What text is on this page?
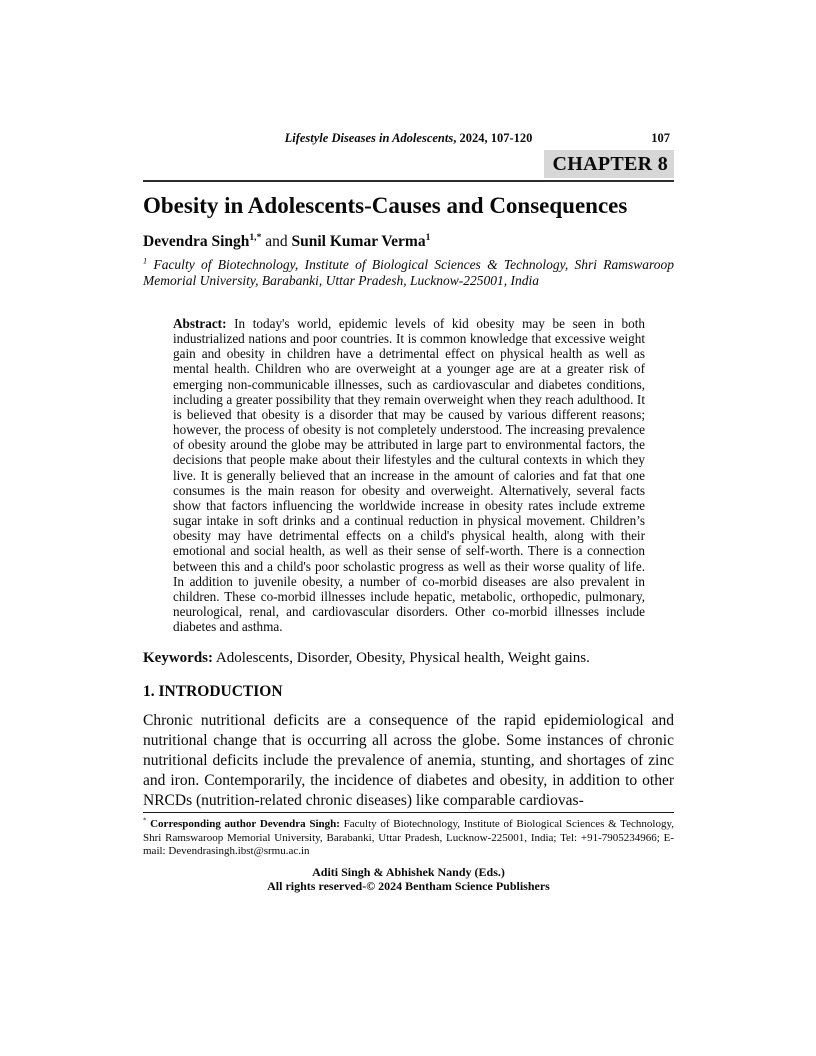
Lifestyle Diseases in Adolescents, 2024, 107-120	107
CHAPTER 8
Obesity in Adolescents-Causes and Consequences
Devendra Singh$^{1,*}$ and Sunil Kumar Verma$^1$
$^1$ Faculty of Biotechnology, Institute of Biological Sciences & Technology, Shri Ramswaroop Memorial University, Barabanki, Uttar Pradesh, Lucknow-225001, India
Abstract: In today's world, epidemic levels of kid obesity may be seen in both industrialized nations and poor countries. It is common knowledge that excessive weight gain and obesity in children have a detrimental effect on physical health as well as mental health. Children who are overweight at a younger age are at a greater risk of emerging non-communicable illnesses, such as cardiovascular and diabetes conditions, including a greater possibility that they remain overweight when they reach adulthood. It is believed that obesity is a disorder that may be caused by various different reasons; however, the process of obesity is not completely understood. The increasing prevalence of obesity around the globe may be attributed in large part to environmental factors, the decisions that people make about their lifestyles and the cultural contexts in which they live. It is generally believed that an increase in the amount of calories and fat that one consumes is the main reason for obesity and overweight. Alternatively, several facts show that factors influencing the worldwide increase in obesity rates include extreme sugar intake in soft drinks and a continual reduction in physical movement. Children’s obesity may have detrimental effects on a child's physical health, along with their emotional and social health, as well as their sense of self-worth. There is a connection between this and a child's poor scholastic progress as well as their worse quality of life. In addition to juvenile obesity, a number of co-morbid diseases are also prevalent in children. These co-morbid illnesses include hepatic, metabolic, orthopedic, pulmonary, neurological, renal, and cardiovascular disorders. Other co-morbid illnesses include diabetes and asthma.
Keywords: Adolescents, Disorder, Obesity, Physical health, Weight gains.
1. INTRODUCTION

Chronic nutritional deficits are a consequence of the rapid epidemiological and nutritional change that is occurring all across the globe. Some instances of chronic nutritional deficits include the prevalence of anemia, stunting, and shortages of zinc and iron. Contemporarily, the incidence of diabetes and obesity, in addition to other NRCDs (nutrition-related chronic diseases) like comparable cardiovas-

* Corresponding author Devendra Singh: Faculty of Biotechnology, Institute of Biological Sciences & Technology, Shri Ramswaroop Memorial University, Barabanki, Uttar Pradesh, Lucknow-225001, India; Tel: +91-7905234966; E-mail: Devendrasingh.ibst@srmu.ac.in
Aditi Singh & Abhishek Nandy (Eds.)
All rights reserved-© 2024 Bentham Science Publishers
